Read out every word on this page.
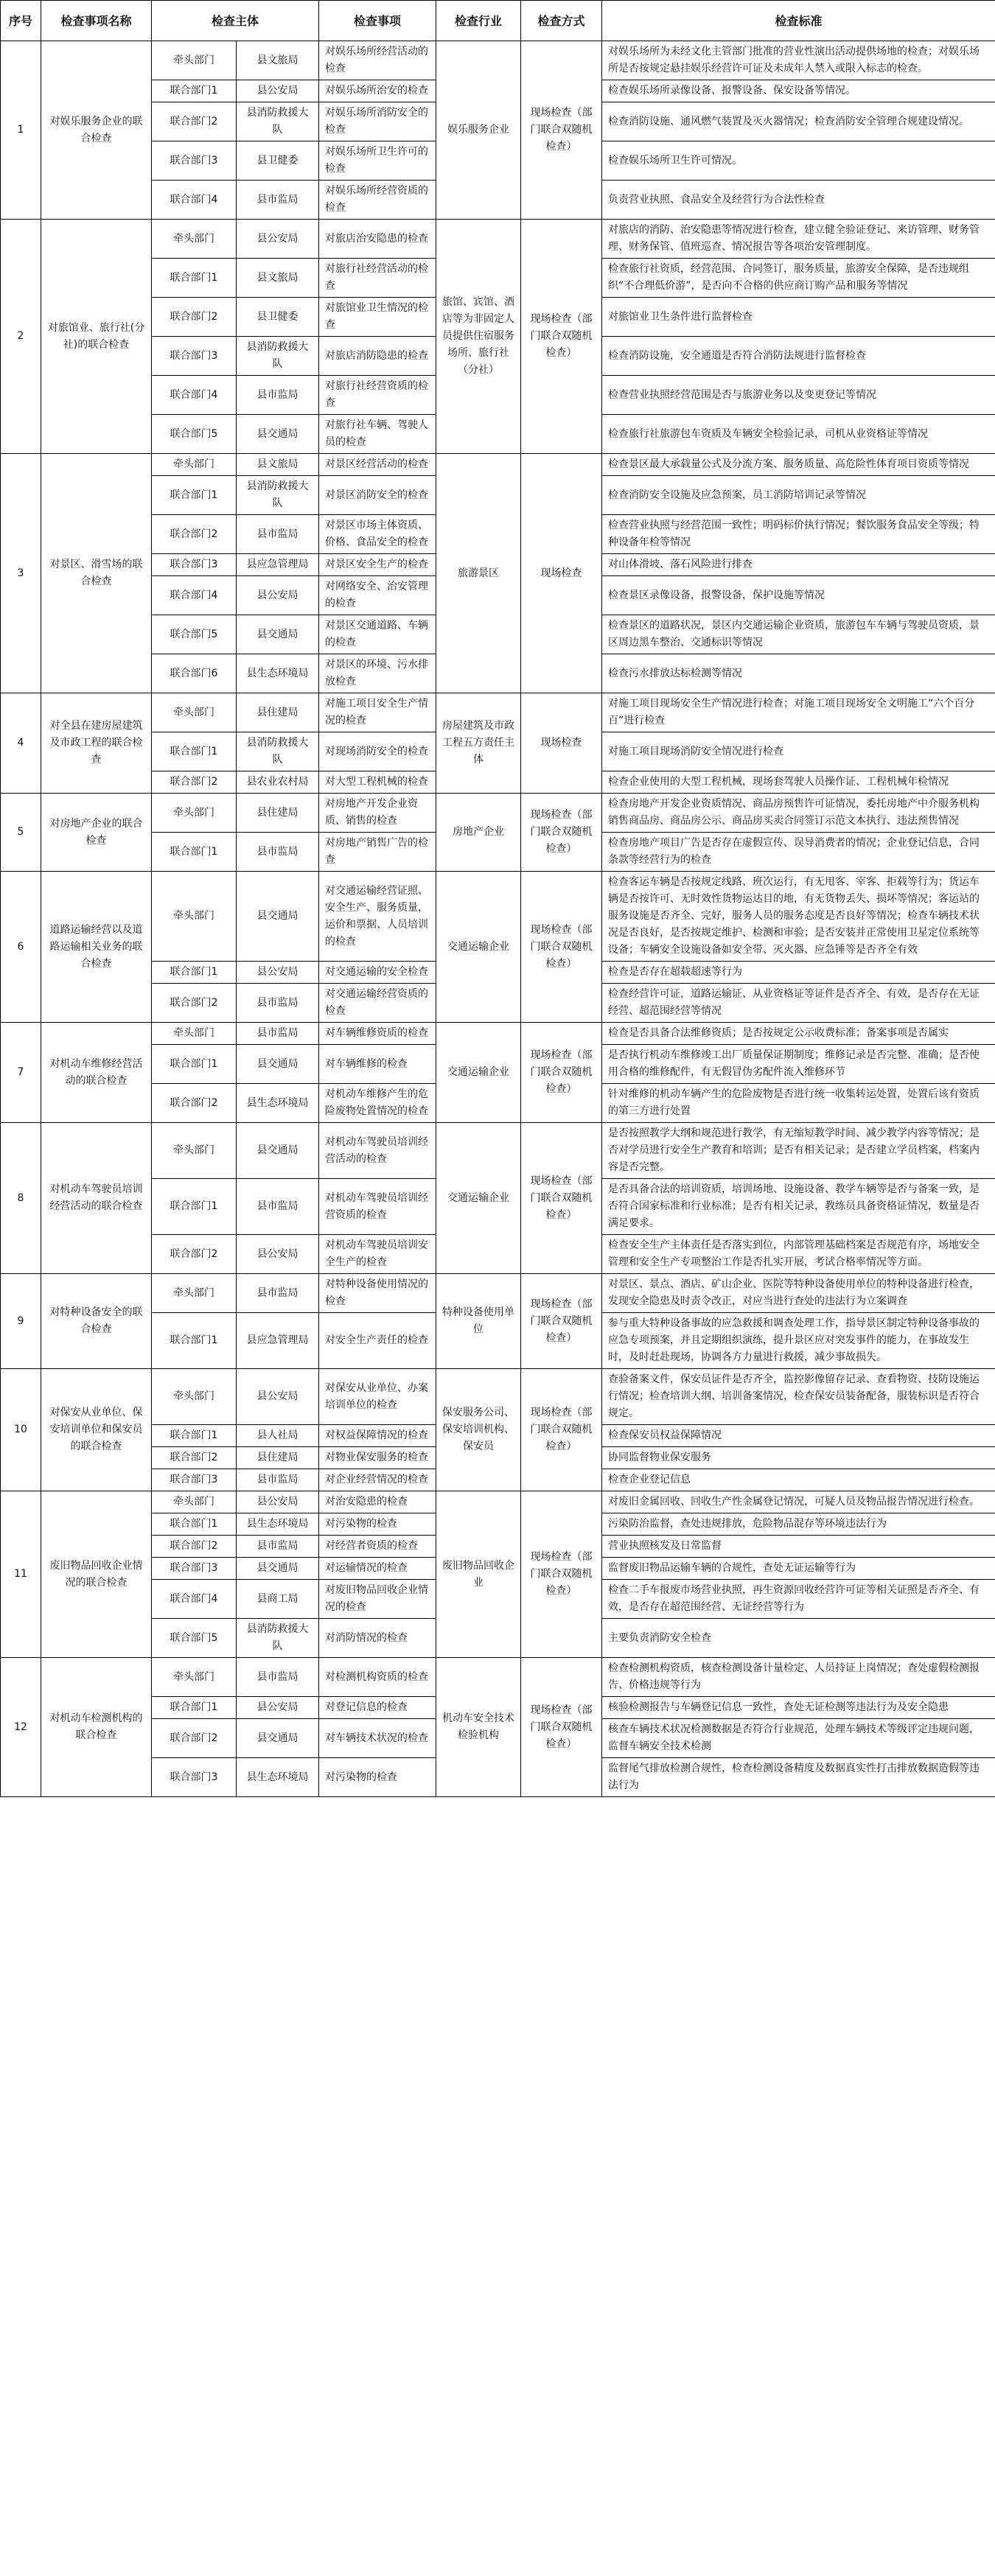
序号	检查事项名称	检查主体		检查事项	检查行业	检查方式	检查标准
1	对娱乐服务企业的联合检查	牵头部门	县文旅局	对娱乐场所经营活动的检查	娱乐服务企业	现场检查（部门联合双随机检查）	对娱乐场所为未经文化主管部门批准的营业性演出活动提供场地的检查；对娱乐场所是否按规定悬挂娱乐经营许可证及未成年人禁入或限入标志的检查。
		联合部门1	县公安局	对娱乐场所治安的检查			检查娱乐场所录像设备、报警设备、保安设备等情况。
		联合部门2	县消防救援大队	对娱乐场所消防安全的检查			检查消防设施、通风燃气装置及灭火器情况；检查消防安全管理合规建设情况。
		联合部门3	县卫健委	对娱乐场所卫生许可的检查			检查娱乐场所卫生许可情况。
		联合部门4	县市监局	对娱乐场所经营资质的检查			负责营业执照、食品安全及经营行为合法性检查
2	对旅馆业、旅行社(分社)的联合检查	牵头部门	县公安局	对旅店治安隐患的检查	旅馆、宾馆、酒店等为非固定人员提供住宿服务场所、旅行社（分社）	现场检查（部门联合双随机检查）	对旅店的消防、治安隐患等情况进行检查，建立健全验证登记、来访管理、财务管理、财务保管、值班巡查、情况报告等各项治安管理制度。
		联合部门1	县文旅局	对旅行社经营活动的检查			检查旅行社资质，经营范围、合同签订，服务质量，旅游安全保障，是否违规组织“不合理低价游”，是否向不合格的供应商订购产品和服务等情况
		联合部门2	县卫健委	对旅馆业卫生情况的检查			对旅馆业卫生条件进行监督检查
		联合部门3	县消防救援大队	对旅店消防隐患的检查			检查消防设施，安全通道是否符合消防法规进行监督检查
		联合部门4	县市监局	对旅行社经营资质的检查			检查营业执照经营范围是否与旅游业务以及变更登记等情况
		联合部门5	县交通局	对旅行社车辆、驾驶人员的检查			检查旅行社旅游包车资质及车辆安全检验记录，司机从业资格证等情况
3	对景区、滑雪场的联合检查	牵头部门	县文旅局	对景区经营活动的检查	旅游景区	现场检查	检查景区最大承载量公式及分流方案、服务质量、高危险性体育项目资质等情况
		联合部门1	县消防救援大队	对景区消防安全的检查			检查消防安全设施及应急预案，员工消防培训记录等情况
		联合部门2	县市监局	对景区市场主体资质、价格、食品安全的检查			检查营业执照与经营范围一致性；明码标价执行情况；餐饮服务食品安全等级；特种设备年检等情况
		联合部门3	县应急管理局	对景区安全生产的检查			对山体滑坡、落石风险进行排查
		联合部门4	县公安局	对网络安全、治安管理的检查			检查景区录像设备，报警设备，保护设施等情况
		联合部门5	县交通局	对景区交通道路、车辆的检查			检查景区的道路状况，景区内交通运输企业资质，旅游包车车辆与驾驶员资质，景区周边黑车整治、交通标识等情况
		联合部门6	县生态环境局	对景区的环境、污水排放检查			检查污水排放达标检测等情况
4	对全县在建房屋建筑及市政工程的联合检查	牵头部门	县住建局	对施工项目安全生产情况的检查	房屋建筑及市政工程五方责任主体	现场检查	对施工项目现场安全生产情况进行检查；对施工项目现场安全文明施工“六个百分百”进行检查
		联合部门1	县消防救援大队	对现场消防安全的检查			对施工项目现场消防安全情况进行检查
		联合部门2	县农业农村局	对大型工程机械的检查			检查企业使用的大型工程机械，现场套驾驶人员操作证、工程机械年检情况
5	对房地产企业的联合检查	牵头部门	县住建局	对房地产开发企业资质、销售的检查	房地产企业	现场检查（部门联合双随机检查）	检查房地产开发企业资质情况、商品房预售许可证情况，委托房地产中介服务机构销售商品房、商品房公示、商品房买卖合同签订示范文本执行、违法预售情况
		联合部门1	县市监局	对房地产销售广告的检查			检查房地产项目广告是否存在虚假宣传、误导消费者的情况；企业登记信息，合同条款等经营行为的检查
6	道路运输经营以及道路运输相关业务的联合检查	牵头部门	县交通局	对交通运输经营证照、安全生产、服务质量，运价和票据、人员培训的检查	交通运输企业	现场检查（部门联合双随机检查）	检查客运车辆是否按规定线路、班次运行，有无甩客、宰客、拒载等行为；货运车辆是否按许可、无时效性货物运达目的地，有无货物丢失、损坏等情况；客运站的服务设施是否齐全、完好，服务人员的服务态度是否良好等情况；检查车辆技术状况是否良好，是否按规定维护、检测和审验；是否安装并正常使用卫星定位系统等设备；车辆安全设施设备如安全带、灭火器、应急锤等是否齐全有效
		联合部门1	县公安局	对交通运输的安全检查			检查是否存在超载超速等行为
		联合部门2	县市监局	对交通运输经营资质的检查			检查经营许可证，道路运输证、从业资格证等证件是否齐全、有效，是否存在无证经营、超范围经营等情况
7	对机动车维修经营活动的联合检查	牵头部门	县市监局	对车辆维修资质的检查	交通运输企业	现场检查（部门联合双随机检查）	检查是否具备合法维修资质；是否按规定公示收费标准；备案事项是否属实
		联合部门1	县交通局	对车辆维修的检查			是否执行机动车维修竣工出厂质量保证期制度；维修记录是否完整、准确；是否使用合格的维修配件，有无假冒伪劣配件流入维修环节
		联合部门2	县生态环境局	对机动车维修产生的危险废物处置情况的检查			针对维修的机动车辆产生的危险废物是否进行统一收集转运处置，处置后该有资质的第三方进行处置
8	对机动车驾驶员培训经营活动的联合检查	牵头部门	县交通局	对机动车驾驶员培训经营活动的检查	交通运输企业	现场检查（部门联合双随机检查）	是否按照教学大纲和规范进行教学，有无缩短教学时间、减少教学内容等情况；是否对学员进行安全生产教育和培训；是否有相关记录；是否建立学员档案，档案内容是否完整。
		联合部门1	县市监局	对机动车驾驶员培训经营资质的检查			是否具备合法的培训资质，培训场地、设施设备、教学车辆等是否与备案一致，是否符合国家标准和行业标准；是否有相关记录，教练员具备资格证情况，数量是否满足要求。
		联合部门2	县公安局	对机动车驾驶员培训安全生产的检查			检查安全生产主体责任是否落实到位，内部管理基础档案是否规范有序，场地安全管理和安全生产专项整治工作是否扎实开展，考试合格率情况等方面。
9	对特种设备安全的联合检查	牵头部门	县市监局	对特种设备使用情况的检查	特种设备使用单位	现场检查（部门联合双随机检查）	对景区、景点、酒店、矿山企业、医院等特种设备使用单位的特种设备进行检查，发现安全隐患及时责令改正，对应当进行查处的违法行为立案调查
		联合部门1	县应急管理局	对安全生产责任的检查			参与重大特种设备事故的应急救援和调查处理工作，指导景区制定特种设备事故的应急专项预案，并且定期组织演练，提升景区应对突发事件的能力，在事故发生时，及时赶赴现场，协调各方力量进行救援，减少事故损失。
10	对保安从业单位、保安培训单位和保安员的联合检查	牵头部门	县公安局	对保安从业单位、办案培训单位的检查	保安服务公司、保安培训机构、保安员	现场检查（部门联合双随机检查）	查验备案文件，保安员证件是否齐全，监控影像留存记录、查看物资、技防设施运行情况；检查培训大纲、培训备案情况，检查保安员装备配备，服装标识是否符合规定。
		联合部门1	县人社局	对权益保障情况的检查			检查保安员权益保障情况
		联合部门2	县住建局	对物业保安服务的检查			协同监督物业保安服务
		联合部门3	县市监局	对企业经营情况的检查			检查企业登记信息
11	废旧物品回收企业情况的联合检查	牵头部门	县公安局	对治安隐患的检查	废旧物品回收企业	现场检查（部门联合双随机检查）	对废旧金属回收、回收生产性金属登记情况，可疑人员及物品报告情况进行检查。
		联合部门1	县生态环境局	对污染物的检查			污染防治监督，查处违规排放，危险物品混存等环境违法行为
		联合部门2	县市监局	对经营者资质的检查			营业执照核发及日常监督
		联合部门3	县交通局	对运输情况的检查			监督废旧物品运输车辆的合规性，查处无证运输等行为
		联合部门4	县商工局	对废旧物品回收企业情况的检查			检查二手车报废市场营业执照，再生资源回收经营许可证等相关证照是否齐全、有效，是否存在超范围经营、无证经营等行为
		联合部门5	县消防救援大队	对消防情况的检查			主要负责消防安全检查
12	对机动车检测机构的联合检查	牵头部门	县市监局	对检测机构资质的检查	机动车安全技术检验机构	现场检查（部门联合双随机检查）	检查检测机构资质，核查检测设备计量检定、人员持证上岗情况；查处虚假检测报告、价格违规等行为
		联合部门1	县公安局	对登记信息的检查			核验检测报告与车辆登记信息一致性，查处无证检测等违法行为及安全隐患
		联合部门2	县交通局	对车辆技术状况的检查			核查车辆技术状况检测数据是否符合行业规范，处理车辆技术等级评定违规问题，监督车辆安全技术检测
		联合部门3	县生态环境局	对污染物的检查			监督尾气排放检测合规性，检查检测设备精度及数据真实性打击排放数据造假等违法行为
